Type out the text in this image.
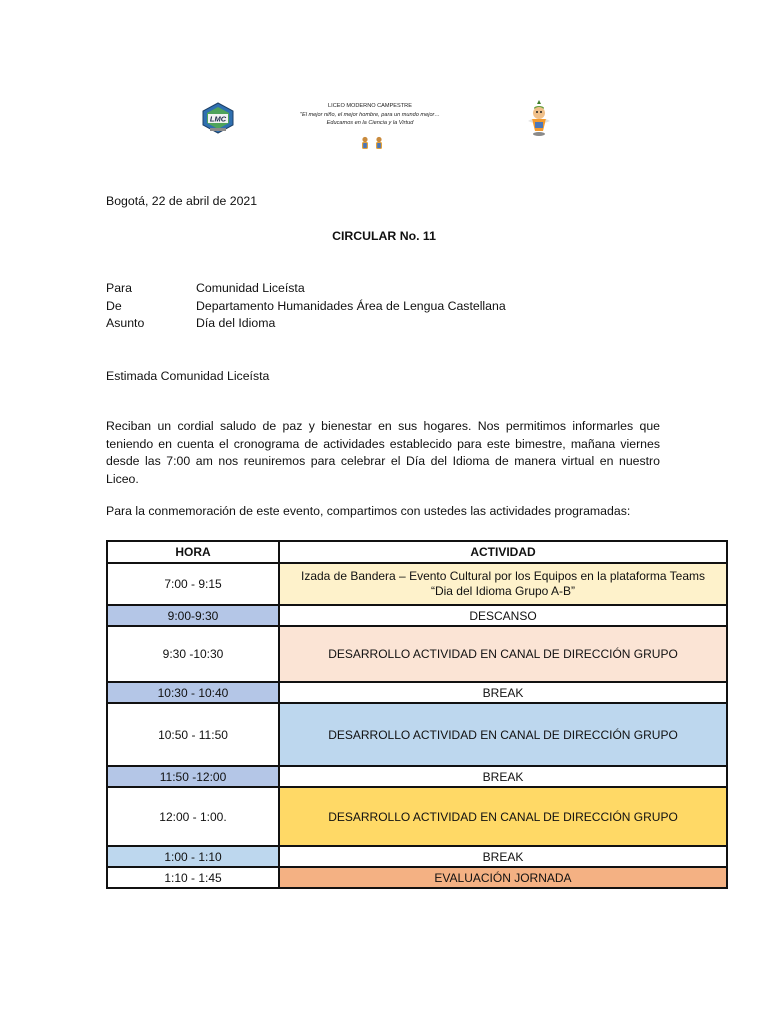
LMC
LICEO MODERNO CAMPESTRE
"El mejor niño, el mejor hombre, para un mundo mejor…
Educamos en la Ciencia y la Virtud
Bogotá, 22 de abril de 2021
CIRCULAR No. 11
Para	Comunidad Liceísta
De	Departamento Humanidades Área de Lengua Castellana
Asunto	Día del Idioma
Estimada Comunidad Liceísta
Reciban un cordial saludo de paz y bienestar en sus hogares. Nos permitimos informarles que teniendo en cuenta el cronograma de actividades establecido para este bimestre, mañana viernes desde las 7:00 am nos reuniremos para celebrar el Día del Idioma de manera virtual en nuestro Liceo.
Para la conmemoración de este evento, compartimos con ustedes las actividades programadas:
HORA	ACTIVIDAD
7:00 - 9:15	Izada de Bandera – Evento Cultural por los Equipos en la plataforma Teams
“Dia del Idioma Grupo A-B”

9:00-9:30	DESCANSO
9:30 -10:30	DESARROLLO ACTIVIDAD EN CANAL DE DIRECCIÓN GRUPO
10:30 - 10:40	BREAK
10:50 - 11:50	DESARROLLO ACTIVIDAD EN CANAL DE DIRECCIÓN GRUPO
11:50 -12:00	BREAK
12:00 - 1:00.	DESARROLLO ACTIVIDAD EN CANAL DE DIRECCIÓN GRUPO
1:00 - 1:10	BREAK
1:10 - 1:45	EVALUACIÓN JORNADA
